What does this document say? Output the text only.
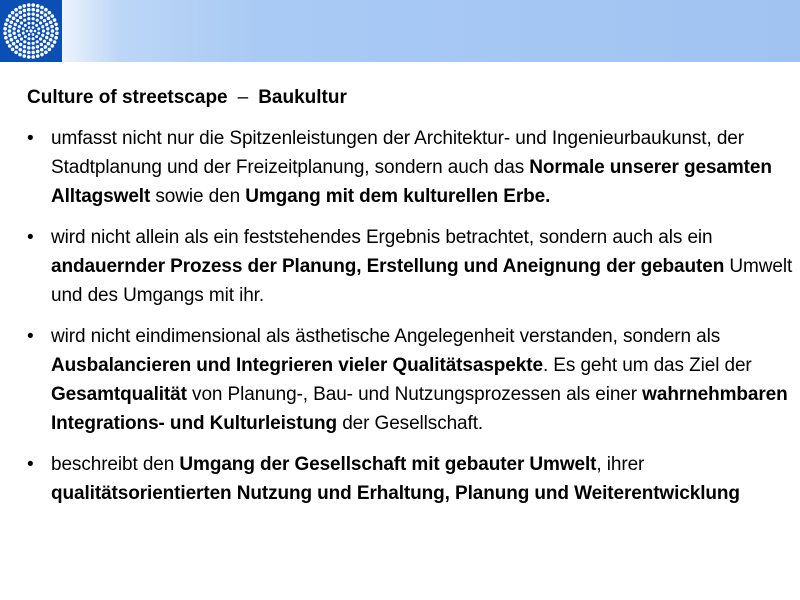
Culture of streetscape – Baukultur
• umfasst nicht nur die Spitzenleistungen der Architektur- und Ingenieurbaukunst, der Stadtplanung und der Freizeitplanung, sondern auch das Normale unserer gesamten Alltagswelt sowie den Umgang mit dem kulturellen Erbe.
• wird nicht allein als ein feststehendes Ergebnis betrachtet, sondern auch als ein andauernder Prozess der Planung, Erstellung und Aneignung der gebauten Umwelt und des Umgangs mit ihr.
• wird nicht eindimensional als ästhetische Angelegenheit verstanden, sondern als Ausbalancieren und Integrieren vieler Qualitätsaspekte. Es geht um das Ziel der Gesamtqualität von Planung-, Bau- und Nutzungsprozessen als einer wahrnehmbaren Integrations- und Kulturleistung der Gesellschaft.
• beschreibt den Umgang der Gesellschaft mit gebauter Umwelt, ihrer qualitätsorientierten Nutzung und Erhaltung, Planung und Weiterentwicklung
